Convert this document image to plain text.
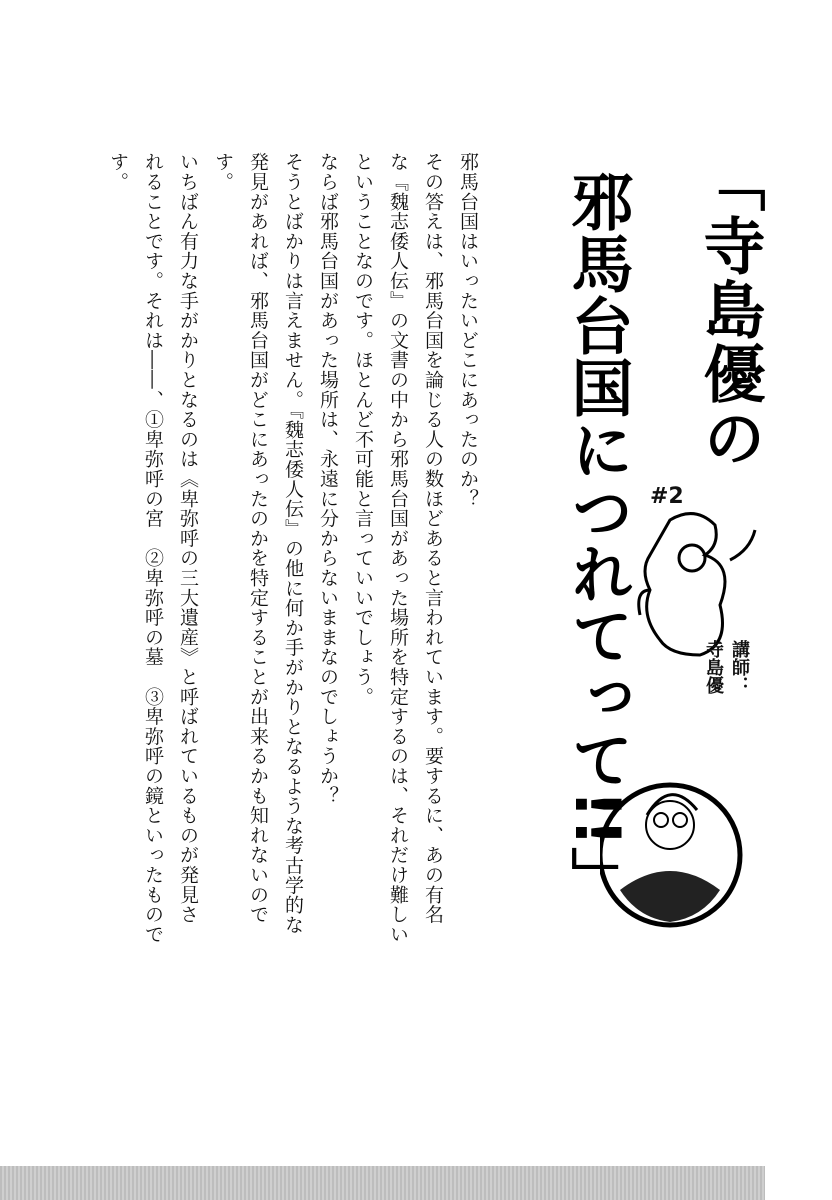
「寺島優の
邪馬台国につれてって!!」 #2
講師：
寺島優

邪馬台国はいったいどこにあったのか？

その答えは、邪馬台国を論じる人の数ほどあると言われています。要するに、あの有名

な『魏志倭人伝』の文書の中から邪馬台国があった場所を特定するのは、それだけ難しい

ということなのです。ほとんど不可能と言っていいでしょう。

ならば邪馬台国があった場所は、永遠に分からないままなのでしょうか？

そうとばかりは言えません。『魏志倭人伝』の他に何か手がかりとなるような考古学的な

発見があれば、邪馬台国がどこにあったのかを特定することが出来るかも知れないのです。

いちばん有力な手がかりとなるのは《卑弥呼の三大遺産》と呼ばれているものが発見さ

れることです。それは――、①卑弥呼の宮　②卑弥呼の墓　③卑弥呼の鏡といったもので

す。
